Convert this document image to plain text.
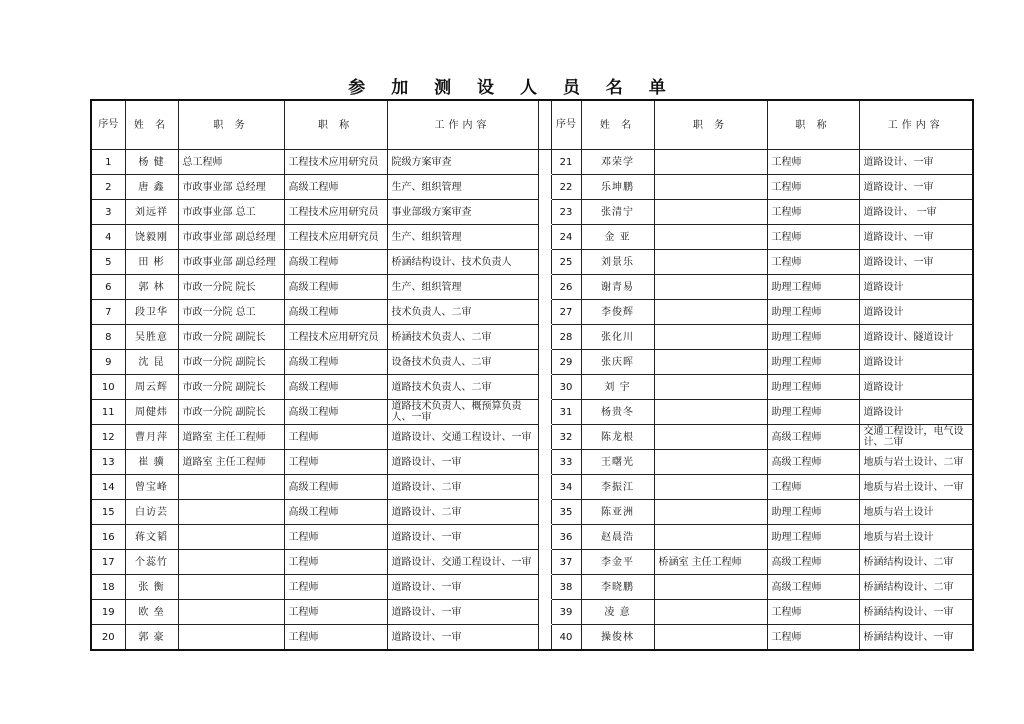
参 加 测 设 人 员 名 单
序号	姓 名	职 务	职 称	工作内容		序号	姓 名	职 务	职 称	工作内容
1	杨 健	总工程师	工程技术应用研究员	院级方案审查		21	邓荣学		工程师	道路设计、一审
2	唐 鑫	市政事业部 总经理	高级工程师	生产、组织管理		22	乐坤鹏		工程师	道路设计、一审
3	刘远祥	市政事业部 总工	工程技术应用研究员	事业部级方案审查		23	张清宁		工程师	道路设计、 一审
4	饶毅刚	市政事业部 副总经理	工程技术应用研究员	生产、组织管理		24	金 亚		工程师	道路设计、一审
5	田 彬	市政事业部 副总经理	高级工程师	桥涵结构设计、技术负责人		25	刘景乐		工程师	道路设计、一审
6	郭 林	市政一分院 院长	高级工程师	生产、组织管理		26	谢青易		助理工程师	道路设计
7	段卫华	市政一分院 总工	高级工程师	技术负责人、二审		27	李俊辉		助理工程师	道路设计
8	吴胜意	市政一分院 副院长	工程技术应用研究员	桥涵技术负责人、二审		28	张化川		助理工程师	道路设计、隧道设计
9	沈 昆	市政一分院 副院长	高级工程师	设备技术负责人、二审		29	张庆晖		助理工程师	道路设计
10	周云辉	市政一分院 副院长	高级工程师	道路技术负责人、二审		30	刘 宇		助理工程师	道路设计
11	周健炜	市政一分院 副院长	高级工程师	道路技术负责人、概预算负责人、一审		31	杨贵冬		助理工程师	道路设计
12	曹月萍	道路室 主任工程师	工程师	道路设计、交通工程设计、一审		32	陈龙根		高级工程师	交通工程设计，电气设计、二审
13	崔 骥	道路室 主任工程师	工程师	道路设计、一审		33	王曙光		高级工程师	地质与岩土设计、二审
14	曾宝峰		高级工程师	道路设计、二审		34	李振江		工程师	地质与岩土设计、一审
15	白访芸		高级工程师	道路设计、二审		35	陈亚洲		助理工程师	地质与岩土设计
16	蒋文韬		工程师	道路设计、一审		36	赵晨浩		助理工程师	地质与岩土设计
17	个蕊竹		工程师	道路设计、交通工程设计、一审		37	李金平	桥涵室 主任工程师	高级工程师	桥涵结构设计、二审
18	张 衡		工程师	道路设计、一审		38	李晓鹏		高级工程师	桥涵结构设计、二审
19	欧 垒		工程师	道路设计、一审		39	凌 意		工程师	桥涵结构设计、一审
20	郭 豪		工程师	道路设计、一审		40	操俊林		工程师	桥涵结构设计、一审
